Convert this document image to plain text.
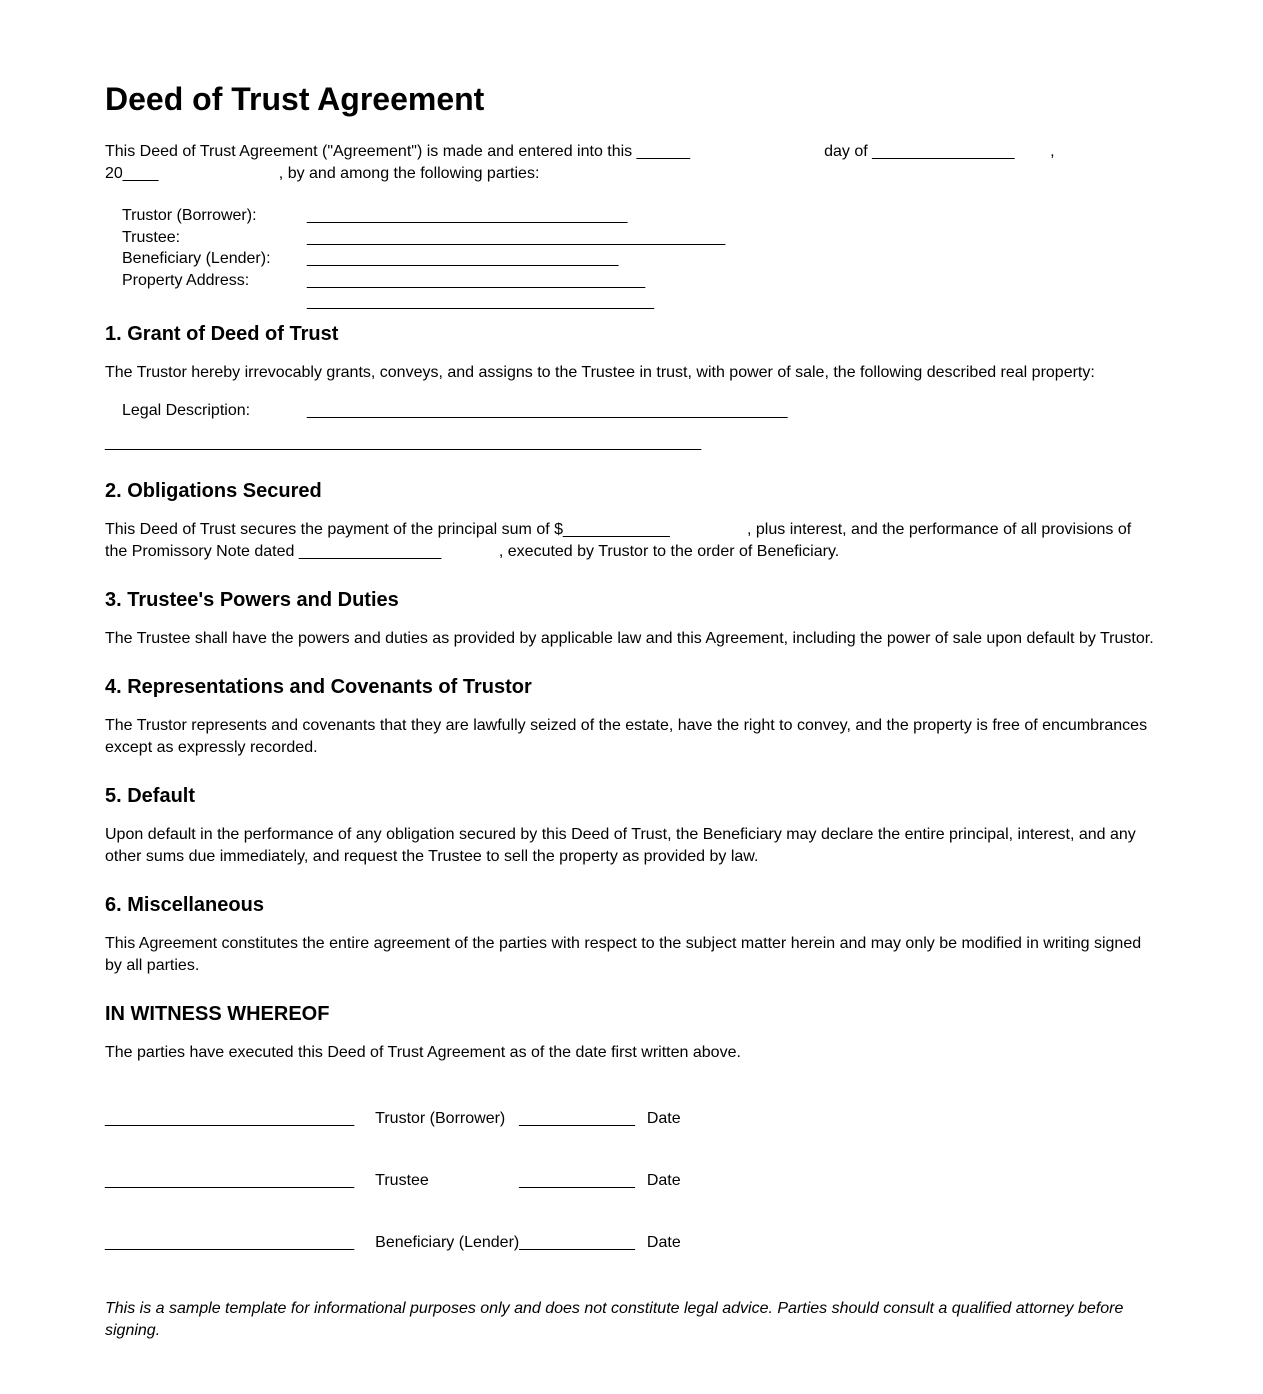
Deed of Trust Agreement

This Deed of Trust Agreement ("Agreement") is made and entered into this ______	day of ________________ , 20____	, by and among the following parties:

Trustor (Borrower):	____________________________________
Trustee:	_______________________________________________
Beneficiary (Lender): ___________________________________
Property Address:	______________________________________
_______________________________________
1. Grant of Deed of Trust

The Trustor hereby irrevocably grants, conveys, and assigns to the Trustee in trust, with power of sale, the following described real property:

Legal Description:	______________________________________________________
___________________________________________________________________
2. Obligations Secured

This Deed of Trust secures the payment of the principal sum of $____________	, plus interest, and the performance of all provisions of the Promissory Note dated ________________	, executed by Trustor to the order of Beneficiary.

3. Trustee's Powers and Duties

The Trustee shall have the powers and duties as provided by applicable law and this Agreement, including the power of sale upon default by Trustor.

4. Representations and Covenants of Trustor

The Trustor represents and covenants that they are lawfully seized of the estate, have the right to convey, and the property is free of encumbrances except as expressly recorded.

5. Default

Upon default in the performance of any obligation secured by this Deed of Trust, the Beneficiary may declare the entire principal, interest, and any other sums due immediately, and request the Trustee to sell the property as provided by law.

6. Miscellaneous

This Agreement constitutes the entire agreement of the parties with respect to the subject matter herein and may only be modified in writing signed by all parties.

IN WITNESS WHEREOF

The parties have executed this Deed of Trust Agreement as of the date first written above.

____________________________ Trustor (Borrower) _____________ Date
____________________________ Trustee	_____________ Date
____________________________ Beneficiary (Lender)_____________ Date
This is a sample template for informational purposes only and does not constitute legal advice. Parties should consult a qualified attorney before signing.
